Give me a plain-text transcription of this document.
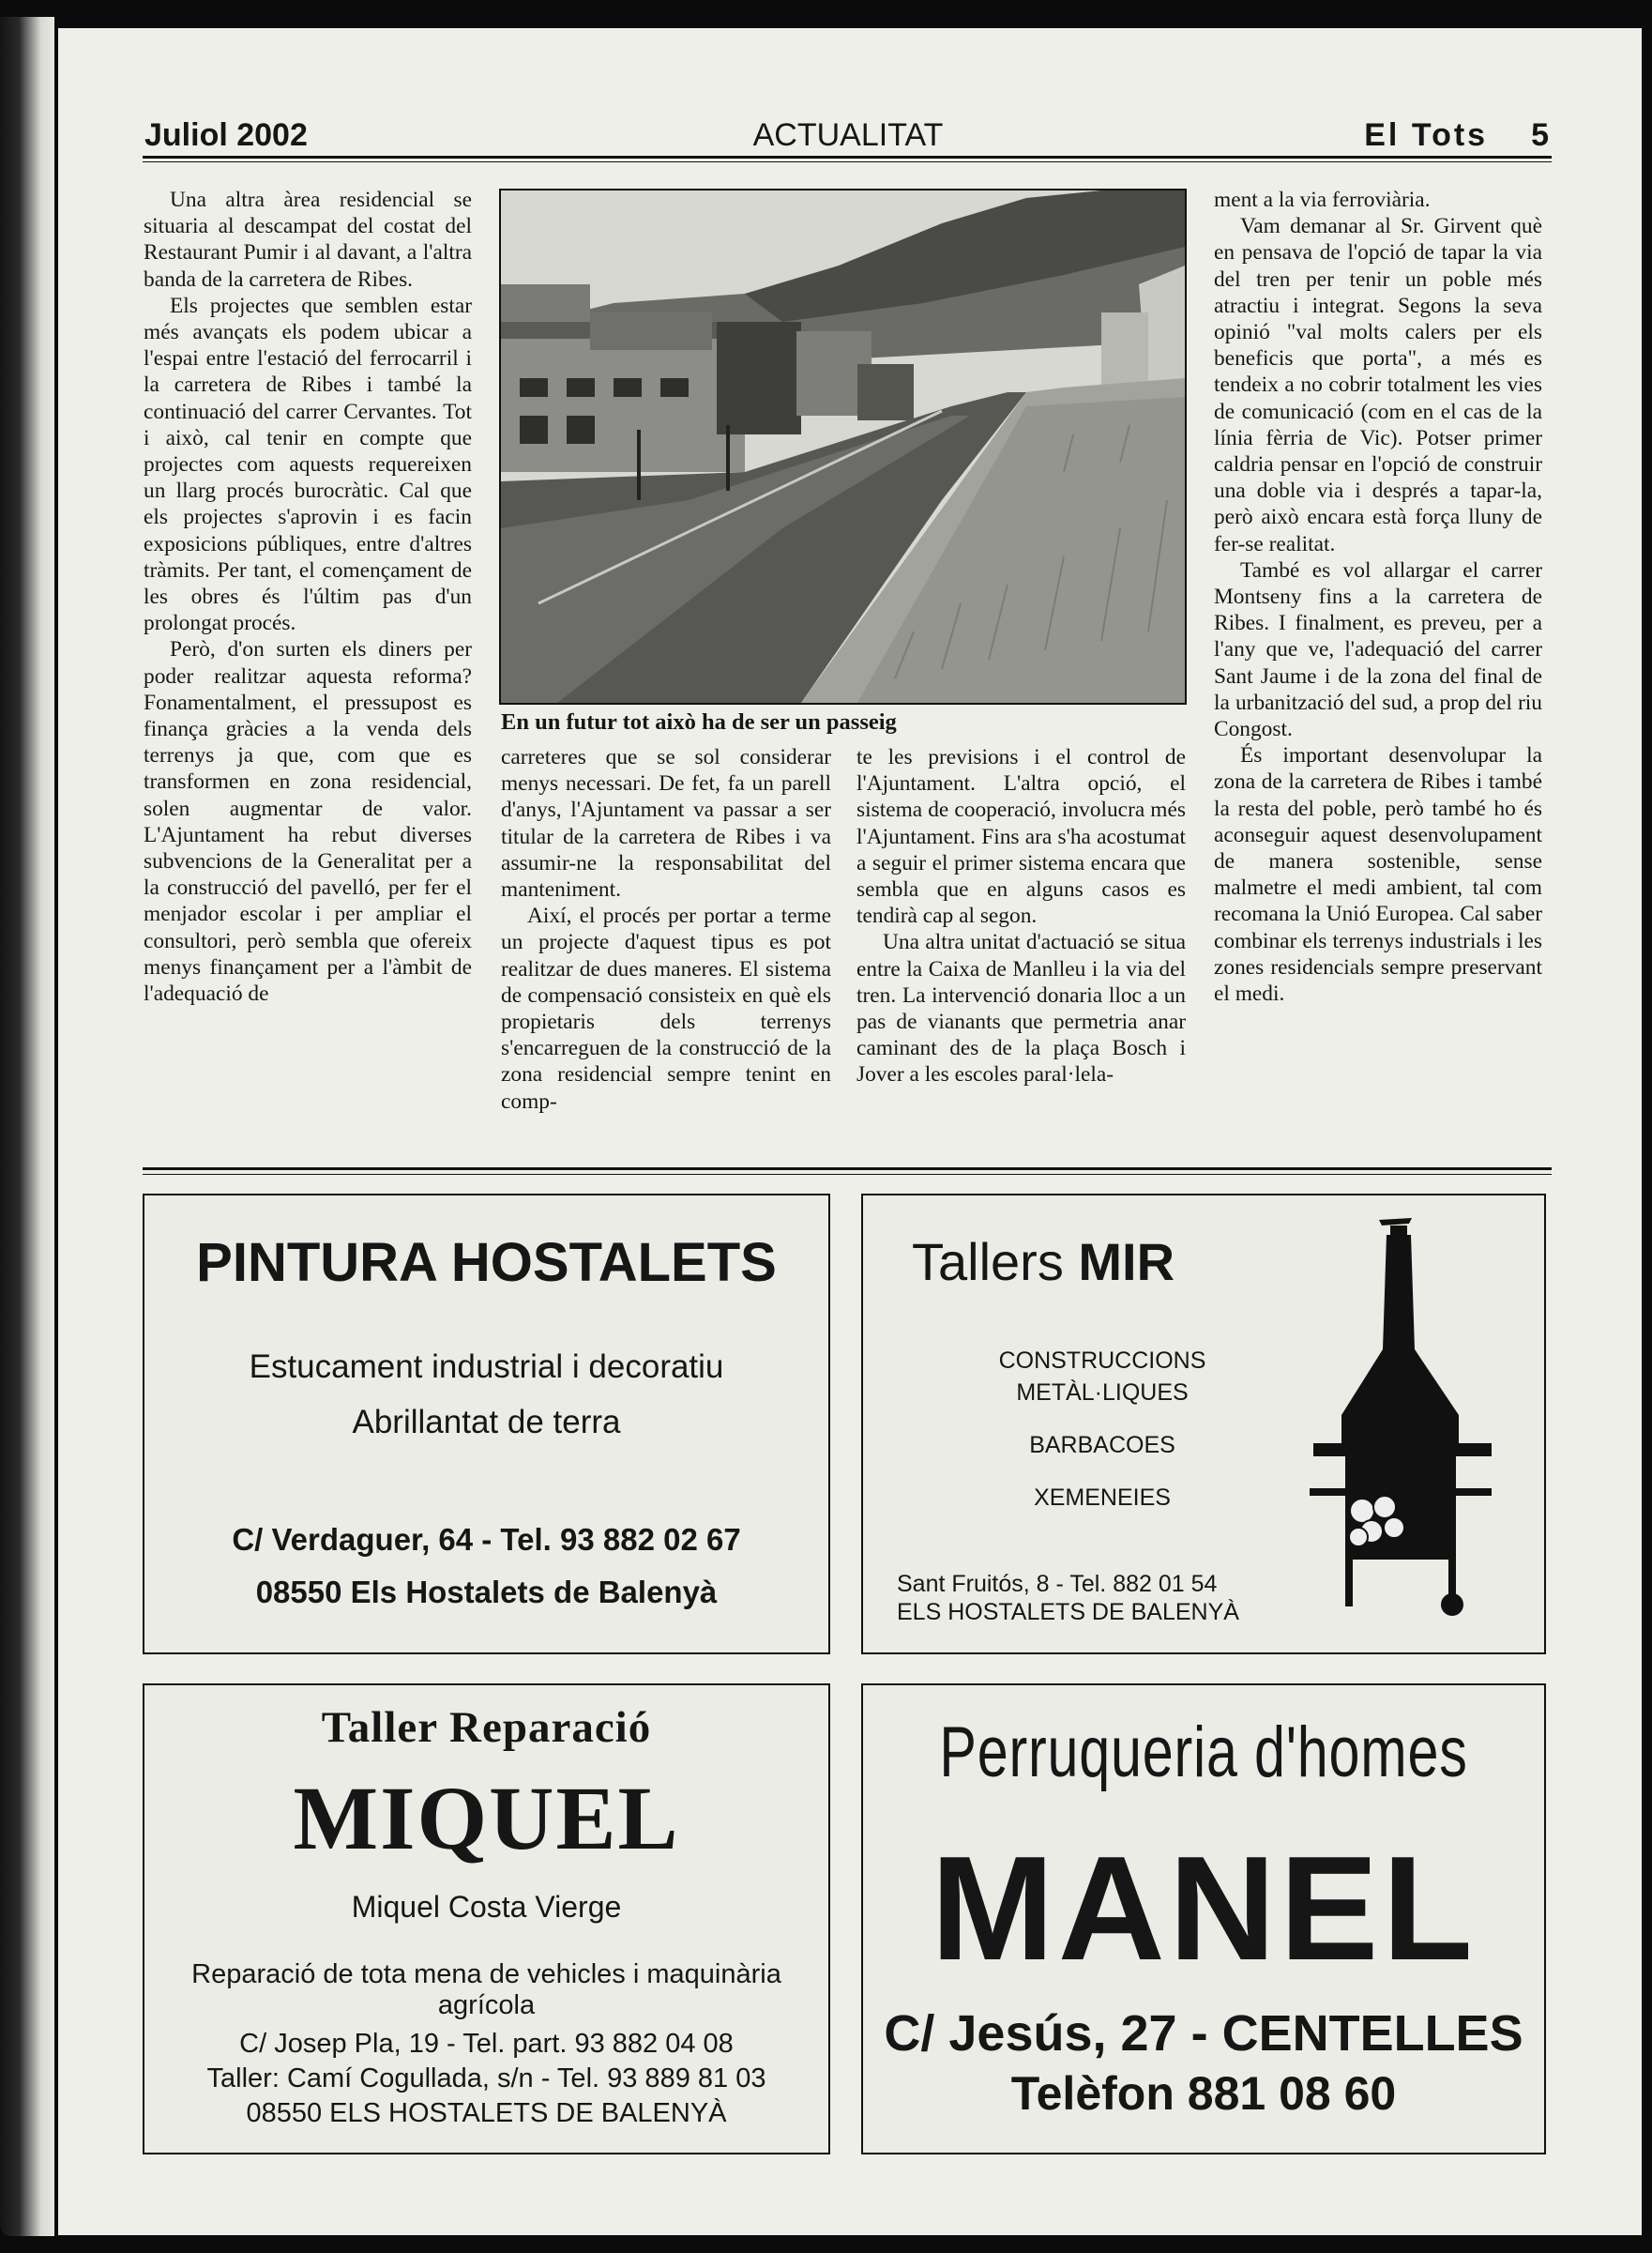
Juliol 2002	ACTUALITAT	El Tots 5

Una altra àrea residencial se situaria al descampat del costat del Restaurant Pumir i al davant, a l'altra banda de la carretera de Ribes.

Els projectes que semblen estar més avançats els podem ubicar a l'espai entre l'estació del ferrocarril i la carretera de Ribes i també la continuació del carrer Cervantes. Tot i això, cal tenir en compte que projectes com aquests requereixen un llarg procés burocràtic. Cal que els projectes s'aprovin i es facin exposicions públiques, entre d'altres tràmits. Per tant, el començament de les obres és l'últim pas d'un prolongat procés.

Però, d'on surten els diners per poder realitzar aquesta reforma? Fonamentalment, el pressupost es finança gràcies a la venda dels terrenys ja que, com que es transformen en zona residencial, solen augmentar de valor. L'Ajuntament ha rebut diverses subvencions de la Generalitat per a la construcció del pavelló, per fer el menjador escolar i per ampliar el consultori, però sembla que ofereix menys finançament per a l'àmbit de l'adequació de

En un futur tot això ha de ser un passeig

carreteres que se sol considerar menys necessari. De fet, fa un parell d'anys, l'Ajuntament va passar a ser titular de la carretera de Ribes i va assumir-ne la responsabilitat del manteniment.

Així, el procés per portar a terme un projecte d'aquest tipus es pot realitzar de dues maneres. El sistema de compensació consisteix en què els propietaris dels terrenys s'encarreguen de la construcció de la zona residencial sempre tenint en comp-

te les previsions i el control de l'Ajuntament. L'altra opció, el sistema de cooperació, involucra més l'Ajuntament. Fins ara s'ha acostumat a seguir el primer sistema encara que sembla que en alguns casos es tendirà cap al segon.

Una altra unitat d'actuació se situa entre la Caixa de Manlleu i la via del tren. La intervenció donaria lloc a un pas de vianants que permetria anar caminant des de la plaça Bosch i Jover a les escoles paral·lela-

ment a la via ferroviària.

Vam demanar al Sr. Girvent què en pensava de l'opció de tapar la via del tren per tenir un poble més atractiu i integrat. Segons la seva opinió "val molts calers per els beneficis que porta", a més es tendeix a no cobrir totalment les vies de comunicació (com en el cas de la línia fèrria de Vic). Potser primer caldria pensar en l'opció de construir una doble via i després a tapar-la, però això encara està força lluny de fer-se realitat.

També es vol allargar el carrer Montseny fins a la carretera de Ribes. I finalment, es preveu, per a l'any que ve, l'adequació del carrer Sant Jaume i de la zona del final de la urbanització del sud, a prop del riu Congost.

És important desenvolupar la zona de la carretera de Ribes i també la resta del poble, però també ho és aconseguir aquest desenvolupament de manera sostenible, sense malmetre el medi ambient, tal com recomana la Unió Europea. Cal saber combinar els terrenys industrials i les zones residencials sempre preservant el medi.

PINTURA HOSTALETS
Estucament industrial i decoratiu
Abrillantat de terra
C/ Verdaguer, 64 - Tel. 93 882 02 67
08550 Els Hostalets de Balenyà
Tallers MIR
CONSTRUCCIONS
METÀL·LIQUES
BARBACOES
XEMENEIES
Sant Fruitós, 8 - Tel. 882 01 54
ELS HOSTALETS DE BALENYÀ
Taller Reparació
MIQUEL
Miquel Costa Vierge
Reparació de tota mena de vehicles i maquinària agrícola
C/ Josep Pla, 19 - Tel. part. 93 882 04 08
Taller: Camí Cogullada, s/n - Tel. 93 889 81 03
08550 ELS HOSTALETS DE BALENYÀ
Perruqueria d'homes
MANEL
C/ Jesús, 27 - CENTELLES
Telèfon 881 08 60
